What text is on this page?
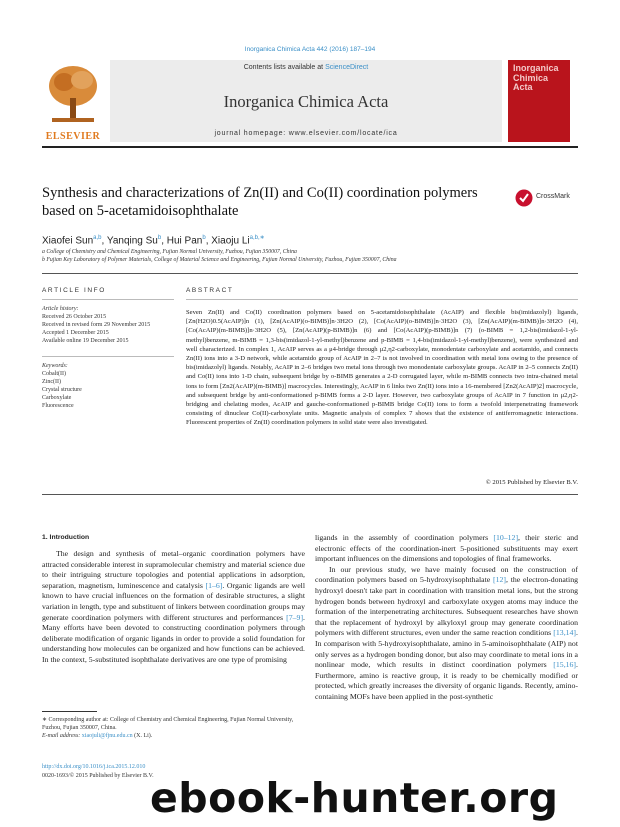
Inorganica Chimica Acta 442 (2016) 187–194
ELSEVIER
Contents lists available at ScienceDirect
Inorganica Chimica Acta
journal homepage: www.elsevier.com/locate/ica
Inorganica Chimica Acta
Synthesis and characterizations of Zn(II) and Co(II) coordination polymers based on 5-acetamidoisophthalate
CrossMark
Xiaofei Sun$^{a,b}$, Yanqing Su$^b$, Hui Pan$^b$, Xiaoju $Li^{a,b,∗}$
a College of Chemistry and Chemical Engineering, Fujian Normal University, Fuzhou, Fujian 350007, China
b Fujian Key Laboratory of Polymer Materials, College of Material Science and Engineering, Fujian Normal University, Fuzhou, Fujian 350007, China
ARTICLE INFO
Article history:
Received 26 October 2015
Received in revised form 29 November 2015
Accepted 1 December 2015
Available online 19 December 2015
Keywords:
Cobalt(II)
Zinc(II)
Crystal structure
Carboxylate
Fluorescence
ABSTRACT
Seven Zn(II) and Co(II) coordination polymers based on 5-acetamidoisophthalate (AcAIP) and flexible bis(imidazolyl) ligands, [Zn(H2O)0.5(AcAIP)]n (1), [Zn(AcAIP)(o-BIMB)]n·3H2O (2), [Co(AcAIP)(o-BIMB)]n·3H2O (3), [Zn(AcAIP)(m-BIMB)]n·3H2O (4), [Co(AcAIP)(m-BIMB)]n·3H2O (5), [Zn(AcAIP)(p-BIMB)]n (6) and [Co(AcAIP)(p-BIMB)]n (7) (o-BIMB = 1,2-bis(imidazol-1-yl-methyl)benzene, m-BIMB = 1,3-bis(imidazol-1-yl-methyl)benzene and p-BIMB = 1,4-bis(imidazol-1-yl-methyl)benzene), were synthesized and well characterized. In complex 1, AcAIP serves as a μ4-bridge through μ2,η2-carboxylate, monodentate carboxylate and acetamido, and connects Zn(II) ions into a 3-D network, while acetamido group of AcAIP in 2–7 is not involved in coordination with metal ions owing to the presence of bis(imidazolyl) ligands. Notably, AcAIP in 2–6 bridges two metal ions through two monodentate carboxylate groups. AcAIP in 2–5 connects Zn(II) and Co(II) ions into 1-D chain, subsequent bridge by o-BIMB generates a 2-D corrugated layer, while m-BIMB connects two intra-chained metal ions to form [Zn2(AcAIP)(m-BIMB)] macrocycles. Interestingly, AcAIP in 6 links two Zn(II) ions into a 16-membered [Zn2(AcAIP)2] macrocycle, and subsequent bridge by anti-conformationed p-BIMB forms a 2-D layer. However, two carboxylate groups of AcAIP in 7 function in μ2,η2-bridging and chelating modes, AcAIP and gauche-conformationed p-BIMB bridge Co(II) ions to form a twofold interpenetrating framework consisting of dinuclear Co(II)-carboxylate units. Magnetic analysis of complex 7 shows that the existence of antiferromagnetic interactions. Fluorescent properties of Zn(II) coordination polymers in solid state were also investigated.
© 2015 Published by Elsevier B.V.
1. Introduction
The design and synthesis of metal–organic coordination polymers have attracted considerable interest in supramolecular chemistry and material science due to their intriguing structure topologies and potential applications in adsorption, separation, magnetism, luminescence and catalysis [1–6]. Organic ligands are well known to have crucial influences on the formation of desirable structures, a slight variation in length, type and substituent of linkers between coordination groups may generate coordination polymers with different structures and performances [7–9]. Many efforts have been devoted to constructing coordination polymers through deliberate modification of organic ligands in order to provide a solid foundation for understanding how molecules can be organized and how functions can be achieved. In the context, 5-substituted isophthalate derivatives are one type of promising
ligands in the assembly of coordination polymers [10–12], their steric and electronic effects of the coordination-inert 5-positioned substituents may exert important influences on the dimensions and topologies of final frameworks.
In our previous study, we have mainly focused on the construction of coordination polymers based on 5-hydroxyisophthalate [12], the electron-donating hydroxyl doesn't take part in coordination with transition metal ions, but the strong hydrogen bonds between hydroxyl and carboxylate oxygen atoms may induce the formation of the interpenetrating architectures. Subsequent researches have shown that the replacement of hydroxyl by alkyloxyl group may generate coordination polymers with different structures, even under the same reaction conditions [13,14]. In comparison with 5-hydroxyisophthalate, amino in 5-aminoisophthalate (AIP) not only serves as a hydrogen bonding donor, but also may coordinate to metal ions in a nonlinear mode, which results in distinct coordination polymers [15,16]. Furthermore, amino is reactive group, it is ready to be chemically modified or protected, which greatly increases the diversity of organic ligands. Recently, amino-containing MOFs have been applied in the post-synthetic
∗ Corresponding author at: College of Chemistry and Chemical Engineering, Fujian Normal University, Fuzhou, Fujian 350007, China.
E-mail address: xiaojuli@fjnu.edu.cn (X. Li).
http://dx.doi.org/10.1016/j.ica.2015.12.010
0020-1693/© 2015 Published by Elsevier B.V.
ebook-hunter.org
